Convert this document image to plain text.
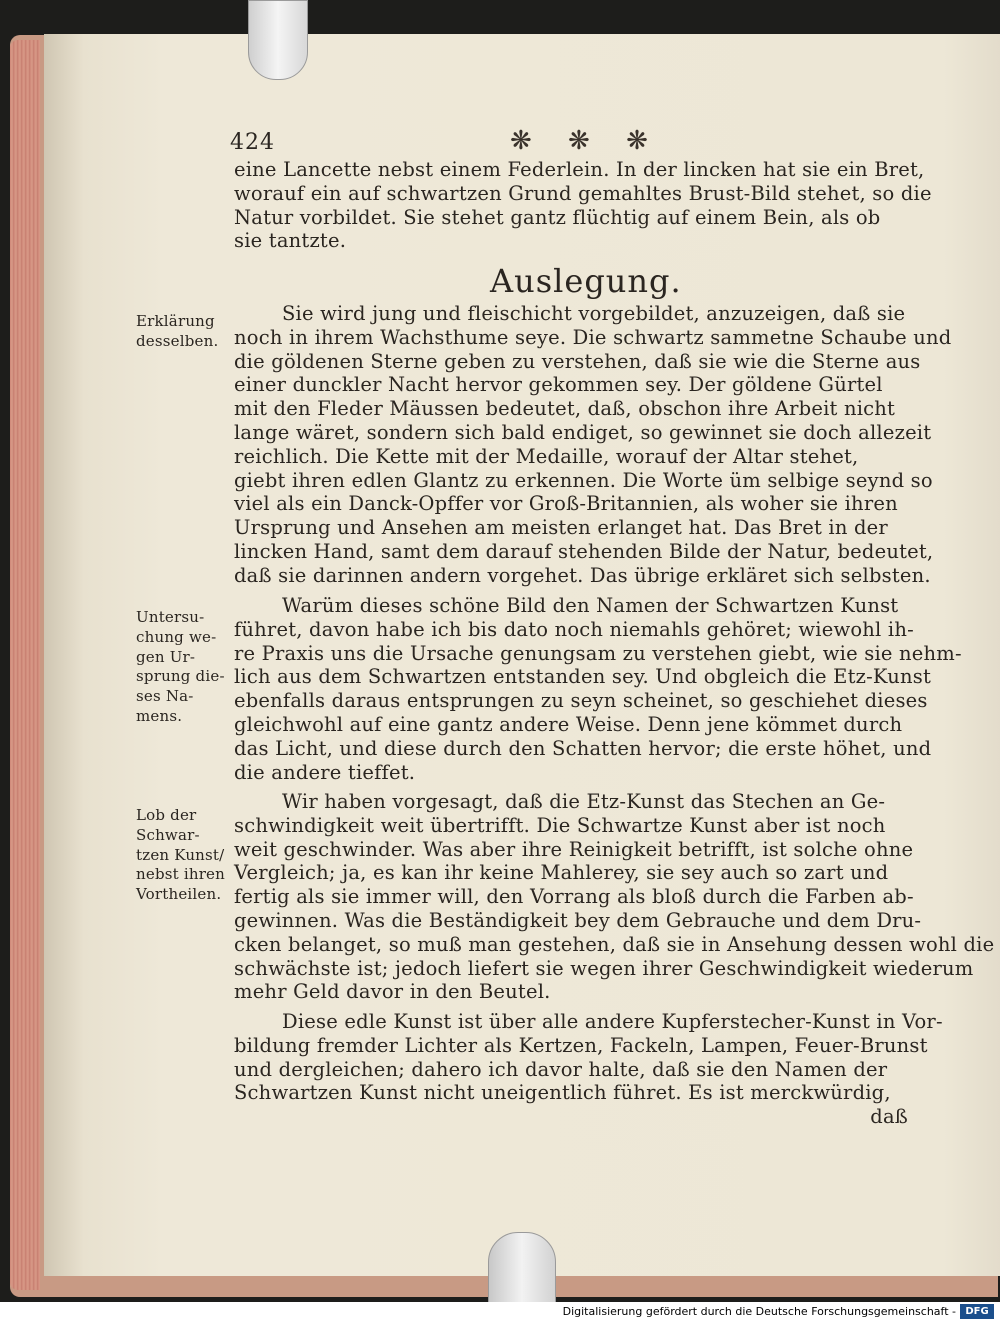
424	❋ ❋ ❋
eine Lancette nebst einem Federlein. In der lincken hat sie ein Bret,
worauf ein auf schwartzen Grund gemahltes Brust-Bild stehet, so die
Natur vorbildet. Sie stehet gantz flüchtig auf einem Bein, als ob
sie tantzte.
Auslegung.
Sie wird jung und fleischicht vorgebildet, anzuzeigen, daß sie
noch in ihrem Wachsthume seye. Die schwartz sammetne Schaube und
die göldenen Sterne geben zu verstehen, daß sie wie die Sterne aus
einer dunckler Nacht hervor gekommen sey. Der göldene Gürtel
mit den Fleder Mäussen bedeutet, daß, obschon ihre Arbeit nicht
lange wäret, sondern sich bald endiget, so gewinnet sie doch allezeit
reichlich. Die Kette mit der Medaille, worauf der Altar stehet,
giebt ihren edlen Glantz zu erkennen. Die Worte üm selbige seynd so
viel als ein Danck-Opffer vor Groß-Britannien, als woher sie ihren
Ursprung und Ansehen am meisten erlanget hat. Das Bret in der
lincken Hand, samt dem darauf stehenden Bilde der Natur, bedeutet,
daß sie darinnen andern vorgehet. Das übrige erkläret sich selbsten.
Warüm dieses schöne Bild den Namen der Schwartzen Kunst
führet, davon habe ich bis dato noch niemahls gehöret; wiewohl ih-
re Praxis uns die Ursache genungsam zu verstehen giebt, wie sie nehm-
lich aus dem Schwartzen entstanden sey. Und obgleich die Etz-Kunst
ebenfalls daraus entsprungen zu seyn scheinet, so geschiehet dieses
gleichwohl auf eine gantz andere Weise. Denn jene kömmet durch
das Licht, und diese durch den Schatten hervor; die erste höhet, und
die andere tieffet.
Wir haben vorgesagt, daß die Etz-Kunst das Stechen an Ge-
schwindigkeit weit übertrifft. Die Schwartze Kunst aber ist noch
weit geschwinder. Was aber ihre Reinigkeit betrifft, ist solche ohne
Vergleich; ja, es kan ihr keine Mahlerey, sie sey auch so zart und
fertig als sie immer will, den Vorrang als bloß durch die Farben ab-
gewinnen. Was die Beständigkeit bey dem Gebrauche und dem Dru-
cken belanget, so muß man gestehen, daß sie in Ansehung dessen wohl die
schwächste ist; jedoch liefert sie wegen ihrer Geschwindigkeit wiederum
mehr Geld davor in den Beutel.
Diese edle Kunst ist über alle andere Kupferstecher-Kunst in Vor-
bildung fremder Lichter als Kertzen, Fackeln, Lampen, Feuer-Brunst
und dergleichen; dahero ich davor halte, daß sie den Namen der
Schwartzen Kunst nicht uneigentlich führet. Es ist merckwürdig,
daß
Erklärung
desselben.
Untersu-
chung we-
gen Ur-
sprung die-
ses Na-
mens.
Lob der
Schwar-
tzen Kunst/
nebst ihren
Vortheilen.
Digitalisierung gefördert durch die Deutsche Forschungsgemeinschaft - DFG
